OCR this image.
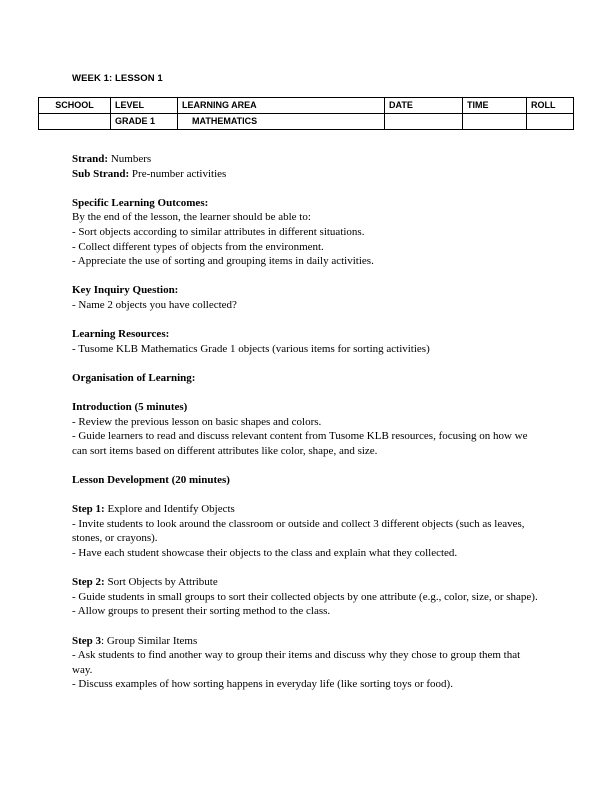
WEEK 1: LESSON 1
SCHOOL	LEVEL	LEARNING AREA	DATE	TIME	ROLL
	GRADE 1	MATHEMATICS			

Strand: Numbers

Sub Strand: Pre-number activities

Specific Learning Outcomes:

By the end of the lesson, the learner should be able to:

- Sort objects according to similar attributes in different situations.

- Collect different types of objects from the environment.

- Appreciate the use of sorting and grouping items in daily activities.

Key Inquiry Question:

- Name 2 objects you have collected?

Learning Resources:

- Tusome KLB Mathematics Grade 1 objects (various items for sorting activities)

Organisation of Learning:

Introduction (5 minutes)

- Review the previous lesson on basic shapes and colors.

- Guide learners to read and discuss relevant content from Tusome KLB resources, focusing on how we can sort items based on different attributes like color, shape, and size.

Lesson Development (20 minutes)

Step 1: Explore and Identify Objects

- Invite students to look around the classroom or outside and collect 3 different objects (such as leaves, stones, or crayons).

- Have each student showcase their objects to the class and explain what they collected.

Step 2: Sort Objects by Attribute

- Guide students in small groups to sort their collected objects by one attribute (e.g., color, size, or shape).

- Allow groups to present their sorting method to the class.

Step 3: Group Similar Items

- Ask students to find another way to group their items and discuss why they chose to group them that way.

- Discuss examples of how sorting happens in everyday life (like sorting toys or food).
